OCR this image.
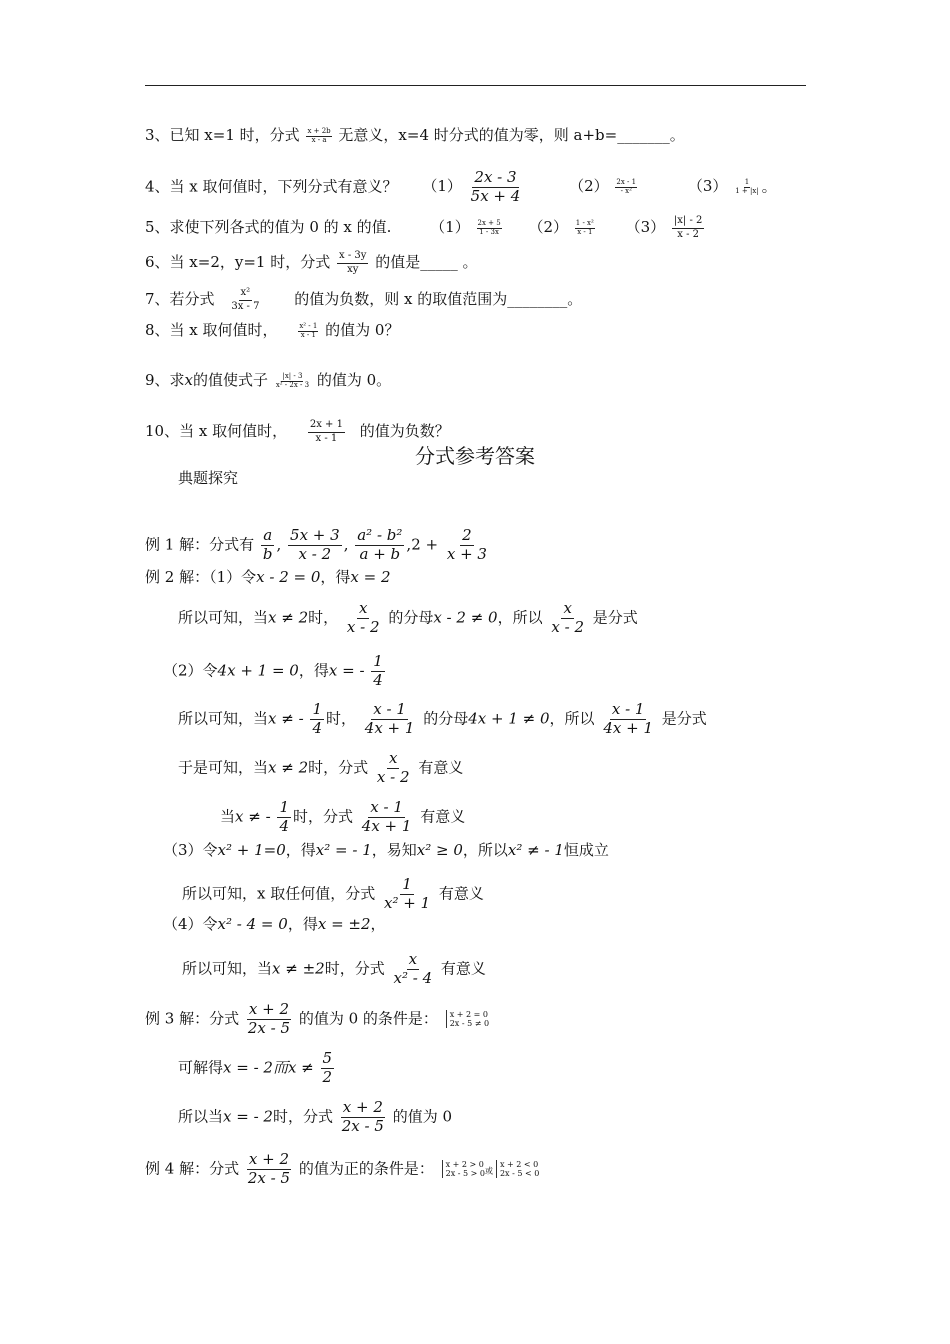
3、已知 x=1 时，分式 $\frac{x + 2b}{x - a}$ 无意义，x=4 时分式的值为零，则 a+b=_______。
4、当 x 取何值时，下列分式有意义？ $(1) \frac{2x - 3}{5x + 4}$	$(2) \frac{2x - 1}{\text{- x²}}$	$(3) \frac{1}{1 + |x|}$ 。
5、求使下列各式的值为 0 的 x 的值.	$(1) \frac{2x + 5}{1 - 3x} (2) \frac{\text{1 - x²}}{x - 1} (3) \frac{|x| - 2}{x - 2}$
6、当 x=2，y=1 时，分式 $\frac{x - 3y}{xy}$ 的值是_____ 。
7、若分式 $\frac{\text{x²}}{3x - 7}$ 的值为负数，则 x 的取值范围为________。
8、当 x 取何值时，	$\frac{\text{x² - 1}}{x - 1}$ 的值为 0？
9、求x的值使式子 $\frac{|x| - 3}{\text{x² - 2x - 3}}$ 的值为 0。
10、当 x 取何值时， $\frac{2x + 1}{x - 1}$ 的值为负数？
分式参考答案
典题探究
例 1 解：分式有 $\frac{a}{b}$ , $\frac{5x + 3}{x - 2}$ , $\frac{\text{a² - b²}}{a + b} ,2 + \frac{2}{x + 3}$
例 2 解：（1）令x - 2 = 0，得x = 2
所以可知，当x ≠ 2时， $\frac{x}{x - 2}$ 的分母x - 2 ≠ 0，所以 $\frac{x}{x - 2}$ 是分式
（2）令4x + 1 = 0，得x = - $\frac{1}{4}$
所以可知，当x ≠ - $\frac{1}{4}$ 时， $\frac{x - 1}{4x + 1}$ 的分母4x + 1 ≠ 0，所以 $\frac{x - 1}{4x + 1}$ 是分式
于是可知，当x ≠ 2时，分式 $\frac{x}{x - 2}$ 有意义
当x ≠ - $\frac{1}{4}$ 时，分式 $\frac{x - 1}{4x + 1}$ 有意义
（3）令x² + 1=0，得x² = - 1，易知x² ≥ 0，所以x² ≠ - 1恒成立
所以可知，x 取任何值，分式 $\frac{1}{\text{x² + 1}}$ 有意义
（4）令x² - 4 = 0，得x = ±2，
所以可知，当x ≠ ±2时，分式 $\frac{x}{\text{x² - 4}}$ 有意义
例 3 解：分式 $\frac{x + 2}{2x - 5}$ 的值为 0 的条件是： x + 2 = 0
2x - 5 ≠ 0
可解得x = - 2而$x \ne \frac{5}{2}$
所以当x = - 2时，分式 $\frac{x + 2}{2x - 5}$ 的值为 0
例 4 解：分式 $\frac{x + 2}{2x - 5}$ 的值为正的条件是： x + 2 > 0
2x - 5 > 0 或
x + 2 < 0
2x - 5 < 0
